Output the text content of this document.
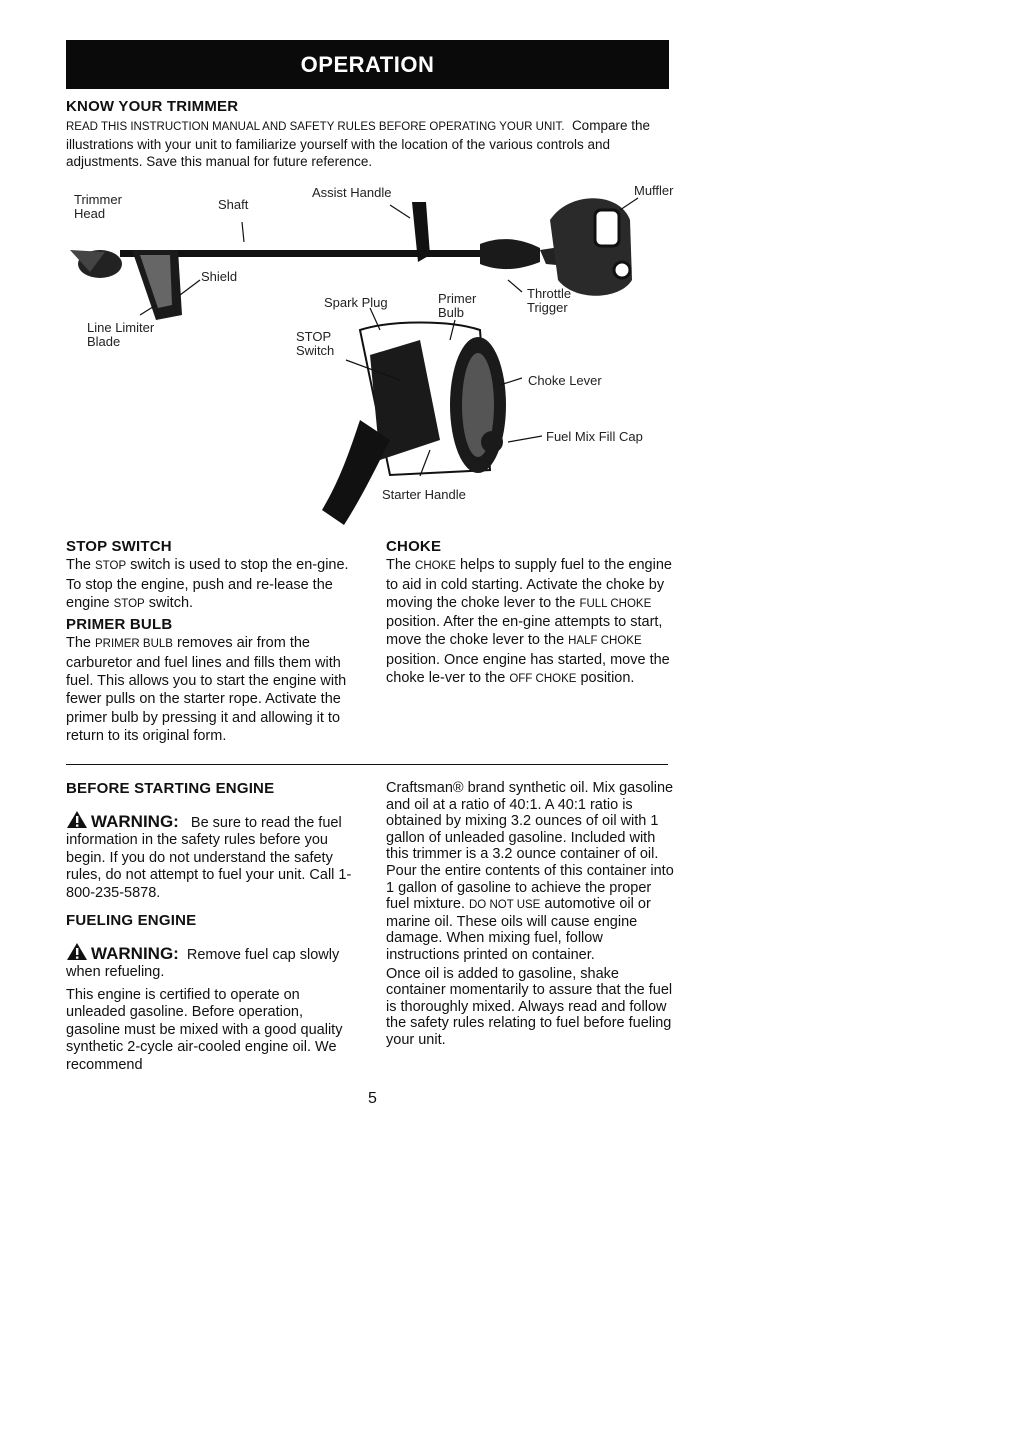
OPERATION
KNOW YOUR TRIMMER
READ THIS INSTRUCTION MANUAL AND SAFETY RULES BEFORE OPERATING YOUR UNIT. Compare the illustrations with your unit to familiarize yourself with the location of the various controls and adjustments. Save this manual for future reference.
Trimmer
Head
Shaft
Assist Handle	Muffler
Shield
Line Limiter
Blade
Spark Plug	Primer
Bulb
Throttle
Trigger
STOP
Switch
Choke Lever
Fuel Mix Fill Cap
Starter Handle
STOP SWITCH

The STOP switch is used to stop the en-gine. To stop the engine, push and re-lease the engine STOP switch.

PRIMER BULB

The PRIMER BULB removes air from the carburetor and fuel lines and fills them with fuel. This allows you to start the engine with fewer pulls on the starter rope. Activate the primer bulb by pressing it and allowing it to return to its original form.

CHOKE

The CHOKE helps to supply fuel to the engine to aid in cold starting. Activate the choke by moving the choke lever to the FULL CHOKE position. After the en-gine attempts to start, move the choke lever to the HALF CHOKE position. Once engine has started, move the choke le-ver to the OFF CHOKE position.

BEFORE STARTING ENGINE

WARNING: Be sure to read the fuel information in the safety rules before you begin. If you do not understand the safety rules, do not attempt to fuel your unit. Call 1-800-235-5878.

FUELING ENGINE

WARNING: Remove fuel cap slowly when refueling.

This engine is certified to operate on unleaded gasoline. Before operation, gasoline must be mixed with a good quality synthetic 2-cycle air-cooled engine oil. We recommend

Craftsman® brand synthetic oil. Mix gasoline and oil at a ratio of 40:1. A 40:1 ratio is obtained by mixing 3.2 ounces of oil with 1 gallon of unleaded gasoline. Included with this trimmer is a 3.2 ounce container of oil. Pour the entire contents of this container into 1 gallon of gasoline to achieve the proper fuel mixture. DO NOT USE automotive oil or marine oil. These oils will cause engine damage. When mixing fuel, follow instructions printed on container.

Once oil is added to gasoline, shake container momentarily to assure that the fuel is thoroughly mixed. Always read and follow the safety rules relating to fuel before fueling your unit.

5
